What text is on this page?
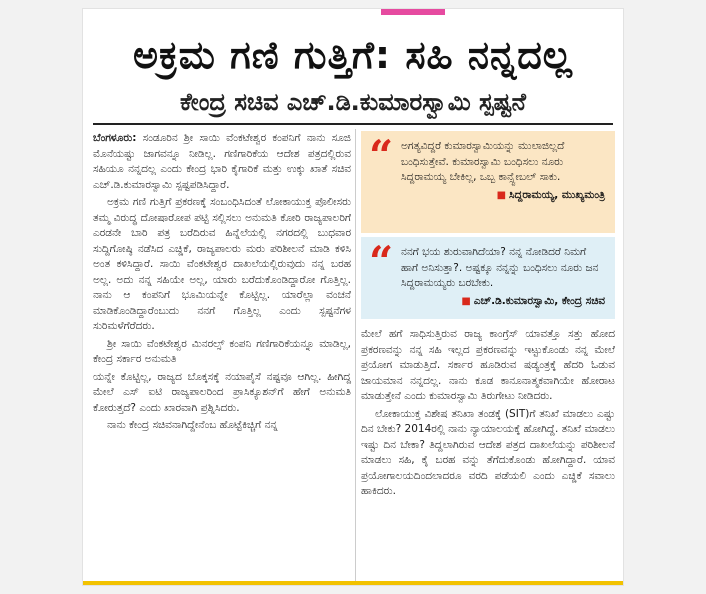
ಅಕ್ರಮ ಗಣಿ ಗುತ್ತಿಗೆ: ಸಹಿ ನನ್ನದಲ್ಲ
ಕೇಂದ್ರ ಸಚಿವ ಎಚ್.ಡಿ.ಕುಮಾರಸ್ವಾಮಿ ಸ್ಪಷ್ಟನೆ

ಬೆಂಗಳೂರು: ಸಂಡೂರಿನ ಶ್ರೀ ಸಾಯಿ ವೆಂಕಟೇಶ್ವರ ಕಂಪನಿಗೆ ನಾನು ಸೂಜಿ ಮೊನೆಯಷ್ಟು ಜಾಗವನ್ನೂ ನೀಡಿಲ್ಲ. ಗಣಿಗಾರಿಕೆಯ ಆದೇಶ ಪತ್ರದಲ್ಲಿರುವ ಸಹಿಯೂ ನನ್ನದಲ್ಲ ಎಂದು ಕೇಂದ್ರ ಭಾರಿ ಕೈಗಾರಿಕೆ ಮತ್ತು ಉಕ್ಕು ಖಾತೆ ಸಚಿವ ಎಚ್.ಡಿ.ಕುಮಾರಸ್ವಾಮಿ ಸ್ಪಷ್ಟಪಡಿಸಿದ್ದಾರೆ.

ಅಕ್ರಮ ಗಣಿ ಗುತ್ತಿಗೆ ಪ್ರಕರಣಕ್ಕೆ ಸಂಬಂಧಿಸಿದಂತೆ ಲೋಕಾಯುಕ್ತ ಪೊಲೀಸರು ತಮ್ಮ ವಿರುದ್ಧ ದೋಷಾರೋಪ ಪಟ್ಟಿ ಸಲ್ಲಿಸಲು ಅನುಮತಿ ಕೋರಿ ರಾಜ್ಯಪಾಲರಿಗೆ ಎರಡನೇ ಬಾರಿ ಪತ್ರ ಬರೆದಿರುವ ಹಿನ್ನೆಲೆಯಲ್ಲಿ ನಗರದಲ್ಲಿ ಬುಧವಾರ ಸುದ್ದಿಗೋಷ್ಠಿ ನಡೆಸಿದ ಎಚ್ಡಿಕೆ, ರಾಜ್ಯಪಾಲರು ಮರು ಪರಿಶೀಲನೆ ಮಾಡಿ ಕಳಿಸಿ ಅಂತ ಕಳಿಸಿದ್ದಾರೆ. ಸಾಯಿ ವೆಂಕಟೇಶ್ವರ ದಾಖಲೆಯಲ್ಲಿರುವುದು ನನ್ನ ಬರಹ ಅಲ್ಲ. ಅದು ನನ್ನ ಸಹಿಯೇ ಅಲ್ಲ, ಯಾರು ಬರೆದುಕೊಂಡಿದ್ದಾರೋ ಗೊತ್ತಿಲ್ಲ. ನಾನು ಆ ಕಂಪನಿಗೆ ಭೂಮಿಯನ್ನೇ ಕೊಟ್ಟಿಲ್ಲ. ಯಾರೆಲ್ಲಾ ವಂಚನೆ ಮಾಡಿಕೊಂಡಿದ್ದಾರೆಂಬುದು ನನಗೆ ಗೊತ್ತಿಲ್ಲ ಎಂದು ಸ್ಪಷ್ಟನೆಗಳ ಸುರಿಮಳೆಗೆರೆದರು.

ಶ್ರೀ ಸಾಯಿ ವೆಂಕಟೇಶ್ವರ ಮಿನರಲ್ಸ್ ಕಂಪನಿ ಗಣಿಗಾರಿಕೆಯನ್ನೂ ಮಾಡಿಲ್ಲ, ಕೇಂದ್ರ ಸರ್ಕಾರ ಅನುಮತಿ

ಯನ್ನೇ ಕೊಟ್ಟಿಲ್ಲ, ರಾಜ್ಯದ ಬೊಕ್ಕಸಕ್ಕೆ ನಯಾಪೈಸೆ ನಷ್ಟವೂ ಆಗಿಲ್ಲ. ಹೀಗಿದ್ದ ಮೇಲೆ ಎಸ್ ಐಟಿ ರಾಜ್ಯಪಾಲರಿಂದ ಪ್ರಾಸಿಕ್ಯೂಶನ್‌ಗೆ ಹೇಗೆ ಅನುಮತಿ ಕೋರುತ್ತದೆ? ಎಂದು ಖಾರವಾಗಿ ಪ್ರಶ್ನಿಸಿದರು.

ನಾನು ಕೇಂದ್ರ ಸಚಿವನಾಗಿದ್ದೇನೆಂಬ ಹೊಟ್ಟೆಕಿಚ್ಚಿಗೆ ನನ್ನ

“ ಅಗತ್ಯವಿದ್ದರೆ ಕುಮಾರಸ್ವಾಮಿಯನ್ನು ಮುಲಾಜಿಲ್ಲದೆ ಬಂಧಿಸುತ್ತೇವೆ. ಕುಮಾರಸ್ವಾಮಿ ಬಂಧಿಸಲು ನೂರು ಸಿದ್ದರಾಮಯ್ಯ ಬೇಕಿಲ್ಲ, ಒಬ್ಬ ಕಾನ್ಸ್ಟೇಬಲ್ ಸಾಕು.
■ ಸಿದ್ದರಾಮಯ್ಯ, ಮುಖ್ಯಮಂತ್ರಿ
“ ನನಗೆ ಭಯ ಶುರುವಾಗಿದೆಯಾ? ನನ್ನ ನೋಡಿದರೆ ನಿಮಗೆ ಹಾಗೆ ಅನಿಸುತ್ತಾ?. ಅಷ್ಟಕ್ಕೂ ನನ್ನನ್ನು ಬಂಧಿಸಲು ನೂರು ಜನ ಸಿದ್ದರಾಮಯ್ಯರು ಬರಬೇಕು.
■ ಎಚ್.ಡಿ.ಕುಮಾರಸ್ವಾಮಿ, ಕೇಂದ್ರ ಸಚಿವ

ಮೇಲೆ ಹಗೆ ಸಾಧಿಸುತ್ತಿರುವ ರಾಜ್ಯ ಕಾಂಗ್ರೆಸ್ ಯಾವತ್ತೊ ಸತ್ತು ಹೋದ ಪ್ರಕರಣವನ್ನು ನನ್ನ ಸಹಿ ಇಲ್ಲದ ಪ್ರಕರಣವನ್ನು ಇಟ್ಟುಕೊಂಡು ನನ್ನ ಮೇಲೆ ಪ್ರಯೋಗ ಮಾಡುತ್ತಿದೆ. ಸರ್ಕಾರ ಹೂಡಿರುವ ಷಡ್ಯಂತ್ರಕ್ಕೆ ಹೆದರಿ ಓಡುವ ಜಾಯಮಾನ ನನ್ನದಲ್ಲ. ನಾನು ಕೂಡ ಕಾನೂನಾತ್ಮಕವಾಗಿಯೇ ಹೋರಾಟ ಮಾಡುತ್ತೇನೆ ಎಂದು ಕುಮಾರಸ್ವಾಮಿ ತಿರುಗೇಟು ನೀಡಿದರು.

ಲೋಕಾಯುಕ್ತ ವಿಶೇಷ ತನಿಖಾ ತಂಡಕ್ಕೆ (SIT)ಗೆ ತನಿಖೆ ಮಾಡಲು ಎಷ್ಟು ದಿನ ಬೇಕು? 2014ರಲ್ಲಿ ನಾನು ನ್ಯಾಯಾಲಯಕ್ಕೆ ಹೋಗಿದ್ದೆ. ತನಿಖೆ ಮಾಡಲು ಇಷ್ಟು ದಿನ ಬೇಕಾ? ತಿದ್ದಲಾಗಿರುವ ಆದೇಶ ಪತ್ರದ ದಾಖಲೆಯನ್ನು ಪರಿಶೀಲನೆ ಮಾಡಲು ಸಹಿ, ಕೈ ಬರಹ ವನ್ನು ತೆಗೆದುಕೊಂಡು ಹೋಗಿದ್ದಾರೆ. ಯಾವ ಪ್ರಯೋಗಾಲಯದಿಂದಲಾದರೂ ವರದಿ ಪಡೆಯಲಿ ಎಂದು ಎಚ್ಡಿಕೆ ಸವಾಲು ಹಾಕಿದರು.
